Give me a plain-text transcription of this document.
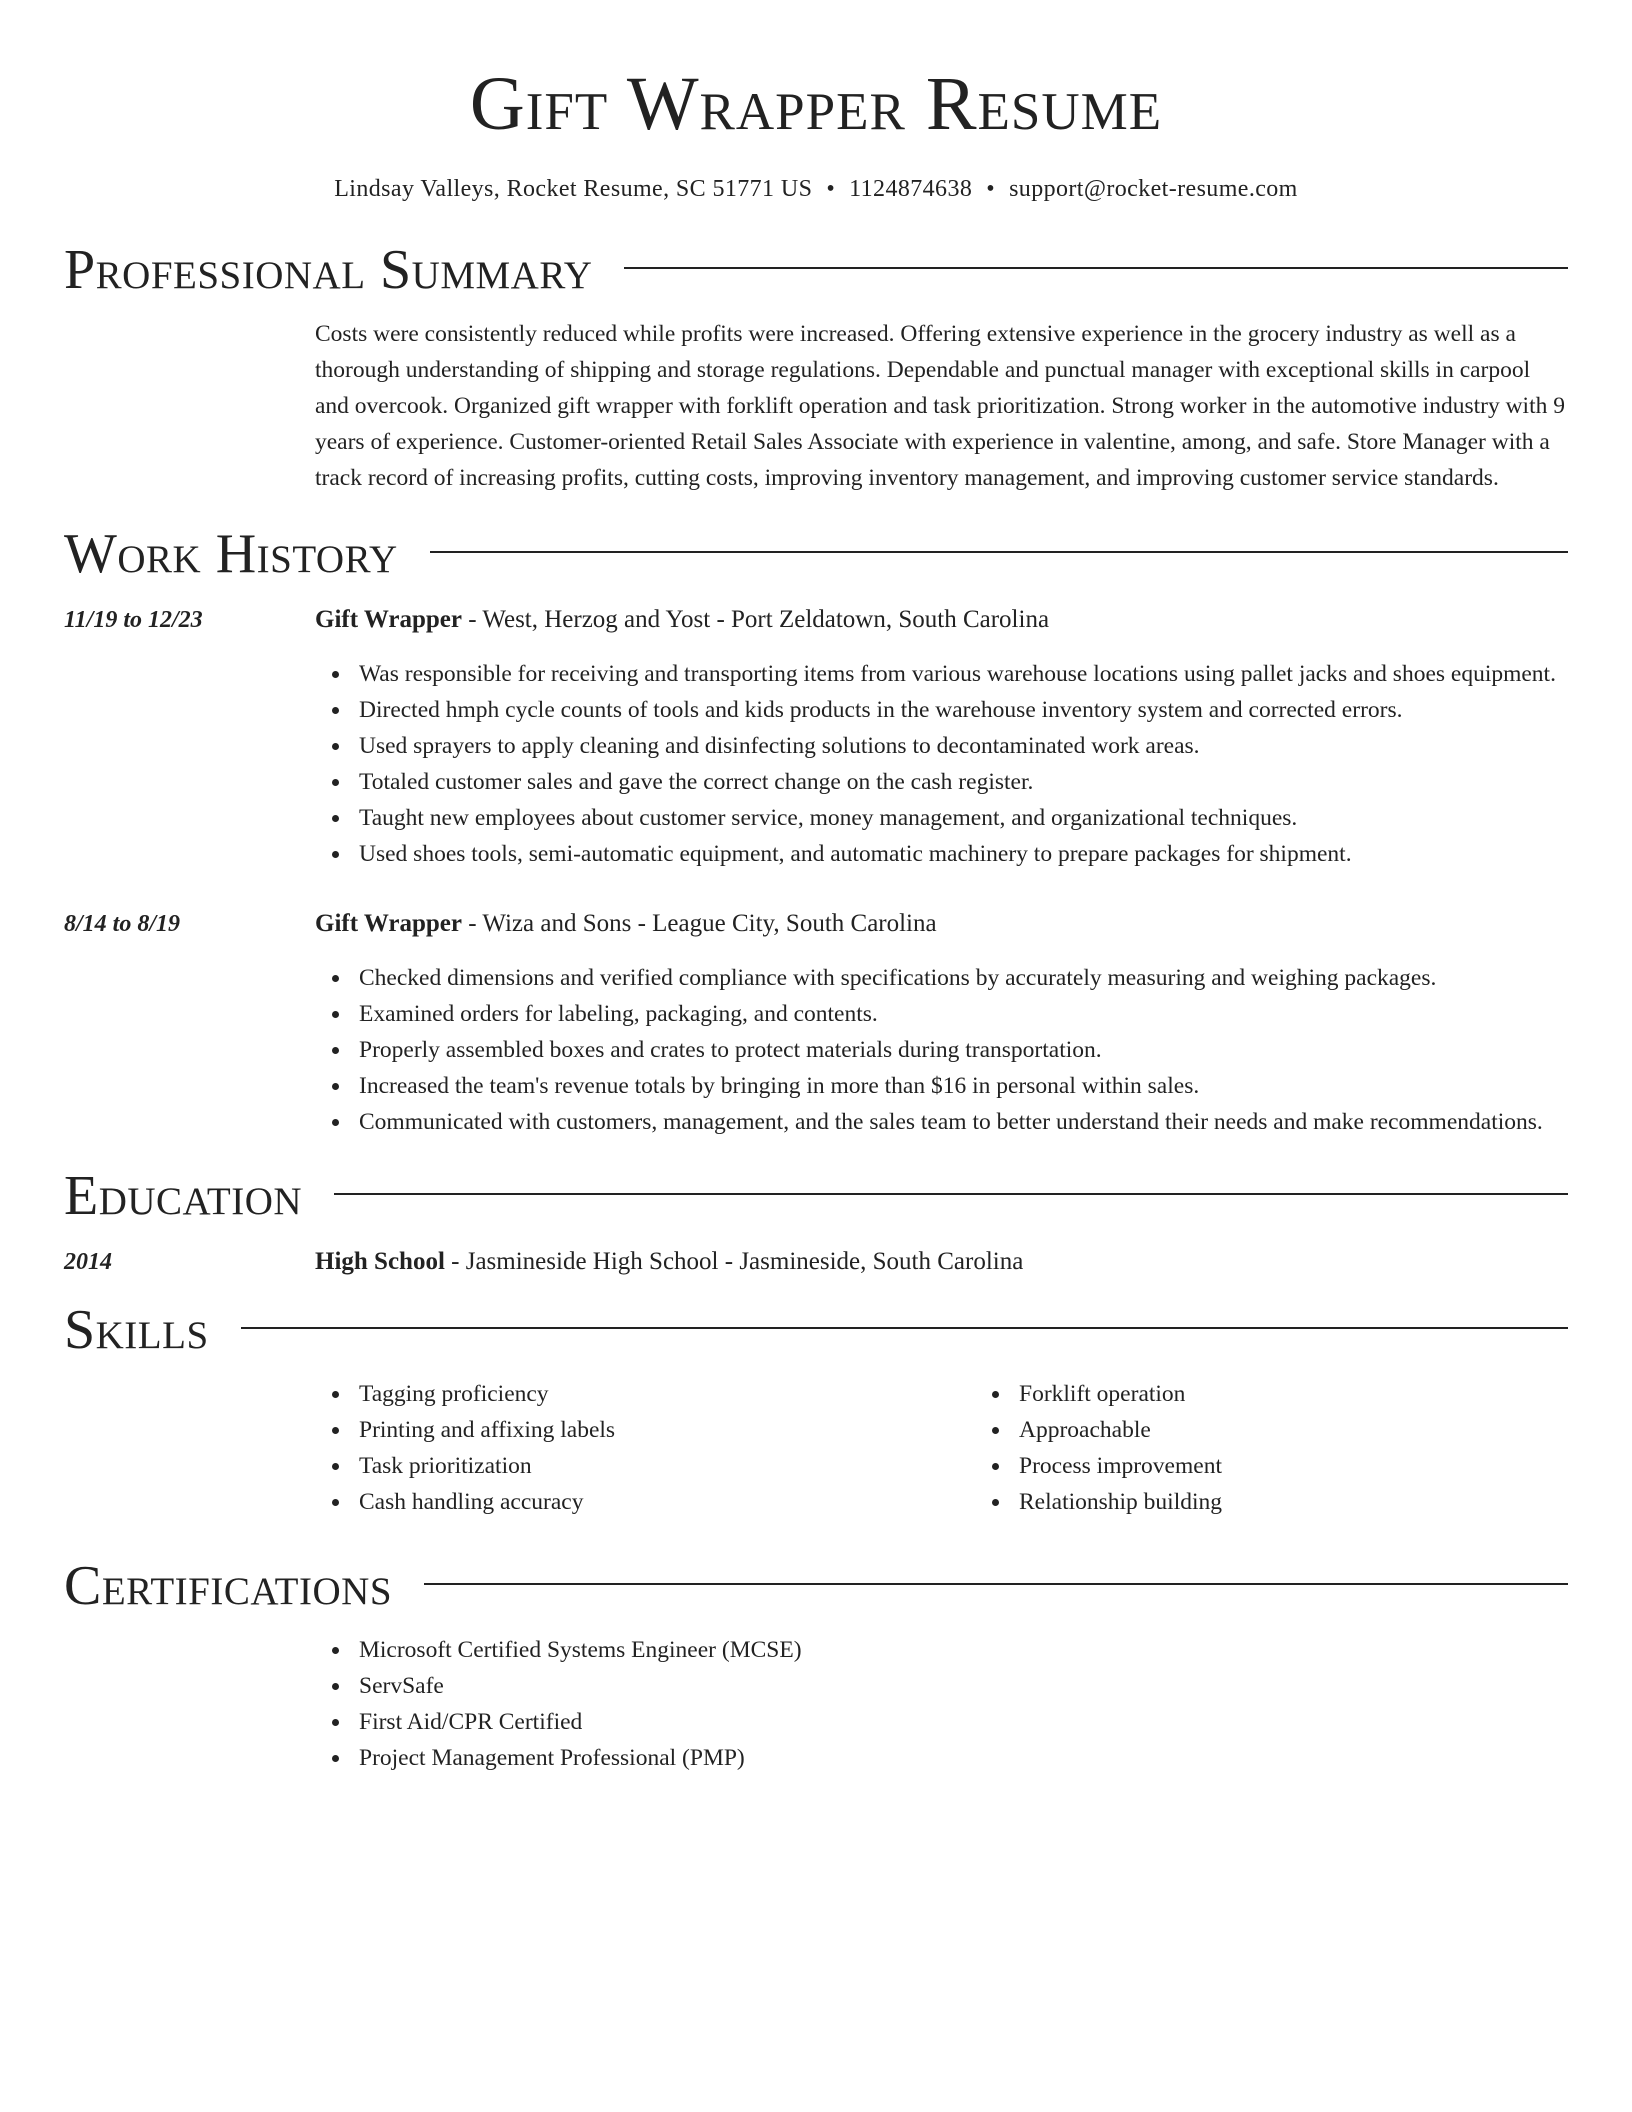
Gift Wrapper Resume
Lindsay Valleys, Rocket Resume, SC 51771 US • 1124874638 • support@rocket-resume.com
Professional Summary
Costs were consistently reduced while profits were increased. Offering extensive experience in the grocery industry as well as a thorough understanding of shipping and storage regulations. Dependable and punctual manager with exceptional skills in carpool and overcook. Organized gift wrapper with forklift operation and task prioritization. Strong worker in the automotive industry with 9 years of experience. Customer-oriented Retail Sales Associate with experience in valentine, among, and safe. Store Manager with a track record of increasing profits, cutting costs, improving inventory management, and improving customer service standards.
Work History
11/19 to 12/23	Gift Wrapper - West, Herzog and Yost - Port Zeldatown, South Carolina
Was responsible for receiving and transporting items from various warehouse locations using pallet jacks and shoes equipment.
Directed hmph cycle counts of tools and kids products in the warehouse inventory system and corrected errors.
Used sprayers to apply cleaning and disinfecting solutions to decontaminated work areas.
Totaled customer sales and gave the correct change on the cash register.
Taught new employees about customer service, money management, and organizational techniques.
Used shoes tools, semi-automatic equipment, and automatic machinery to prepare packages for shipment.
8/14 to 8/19	Gift Wrapper - Wiza and Sons - League City, South Carolina
Checked dimensions and verified compliance with specifications by accurately measuring and weighing packages.
Examined orders for labeling, packaging, and contents.
Properly assembled boxes and crates to protect materials during transportation.
Increased the team's revenue totals by bringing in more than $16 in personal within sales.
Communicated with customers, management, and the sales team to better understand their needs and make recommendations.
Education
2014	High School - Jasmineside High School - Jasmineside, South Carolina
Skills
Tagging proficiency
Printing and affixing labels
Task prioritization
Cash handling accuracy
Forklift operation
Approachable
Process improvement
Relationship building
Certifications
Microsoft Certified Systems Engineer (MCSE)
ServSafe
First Aid/CPR Certified
Project Management Professional (PMP)
